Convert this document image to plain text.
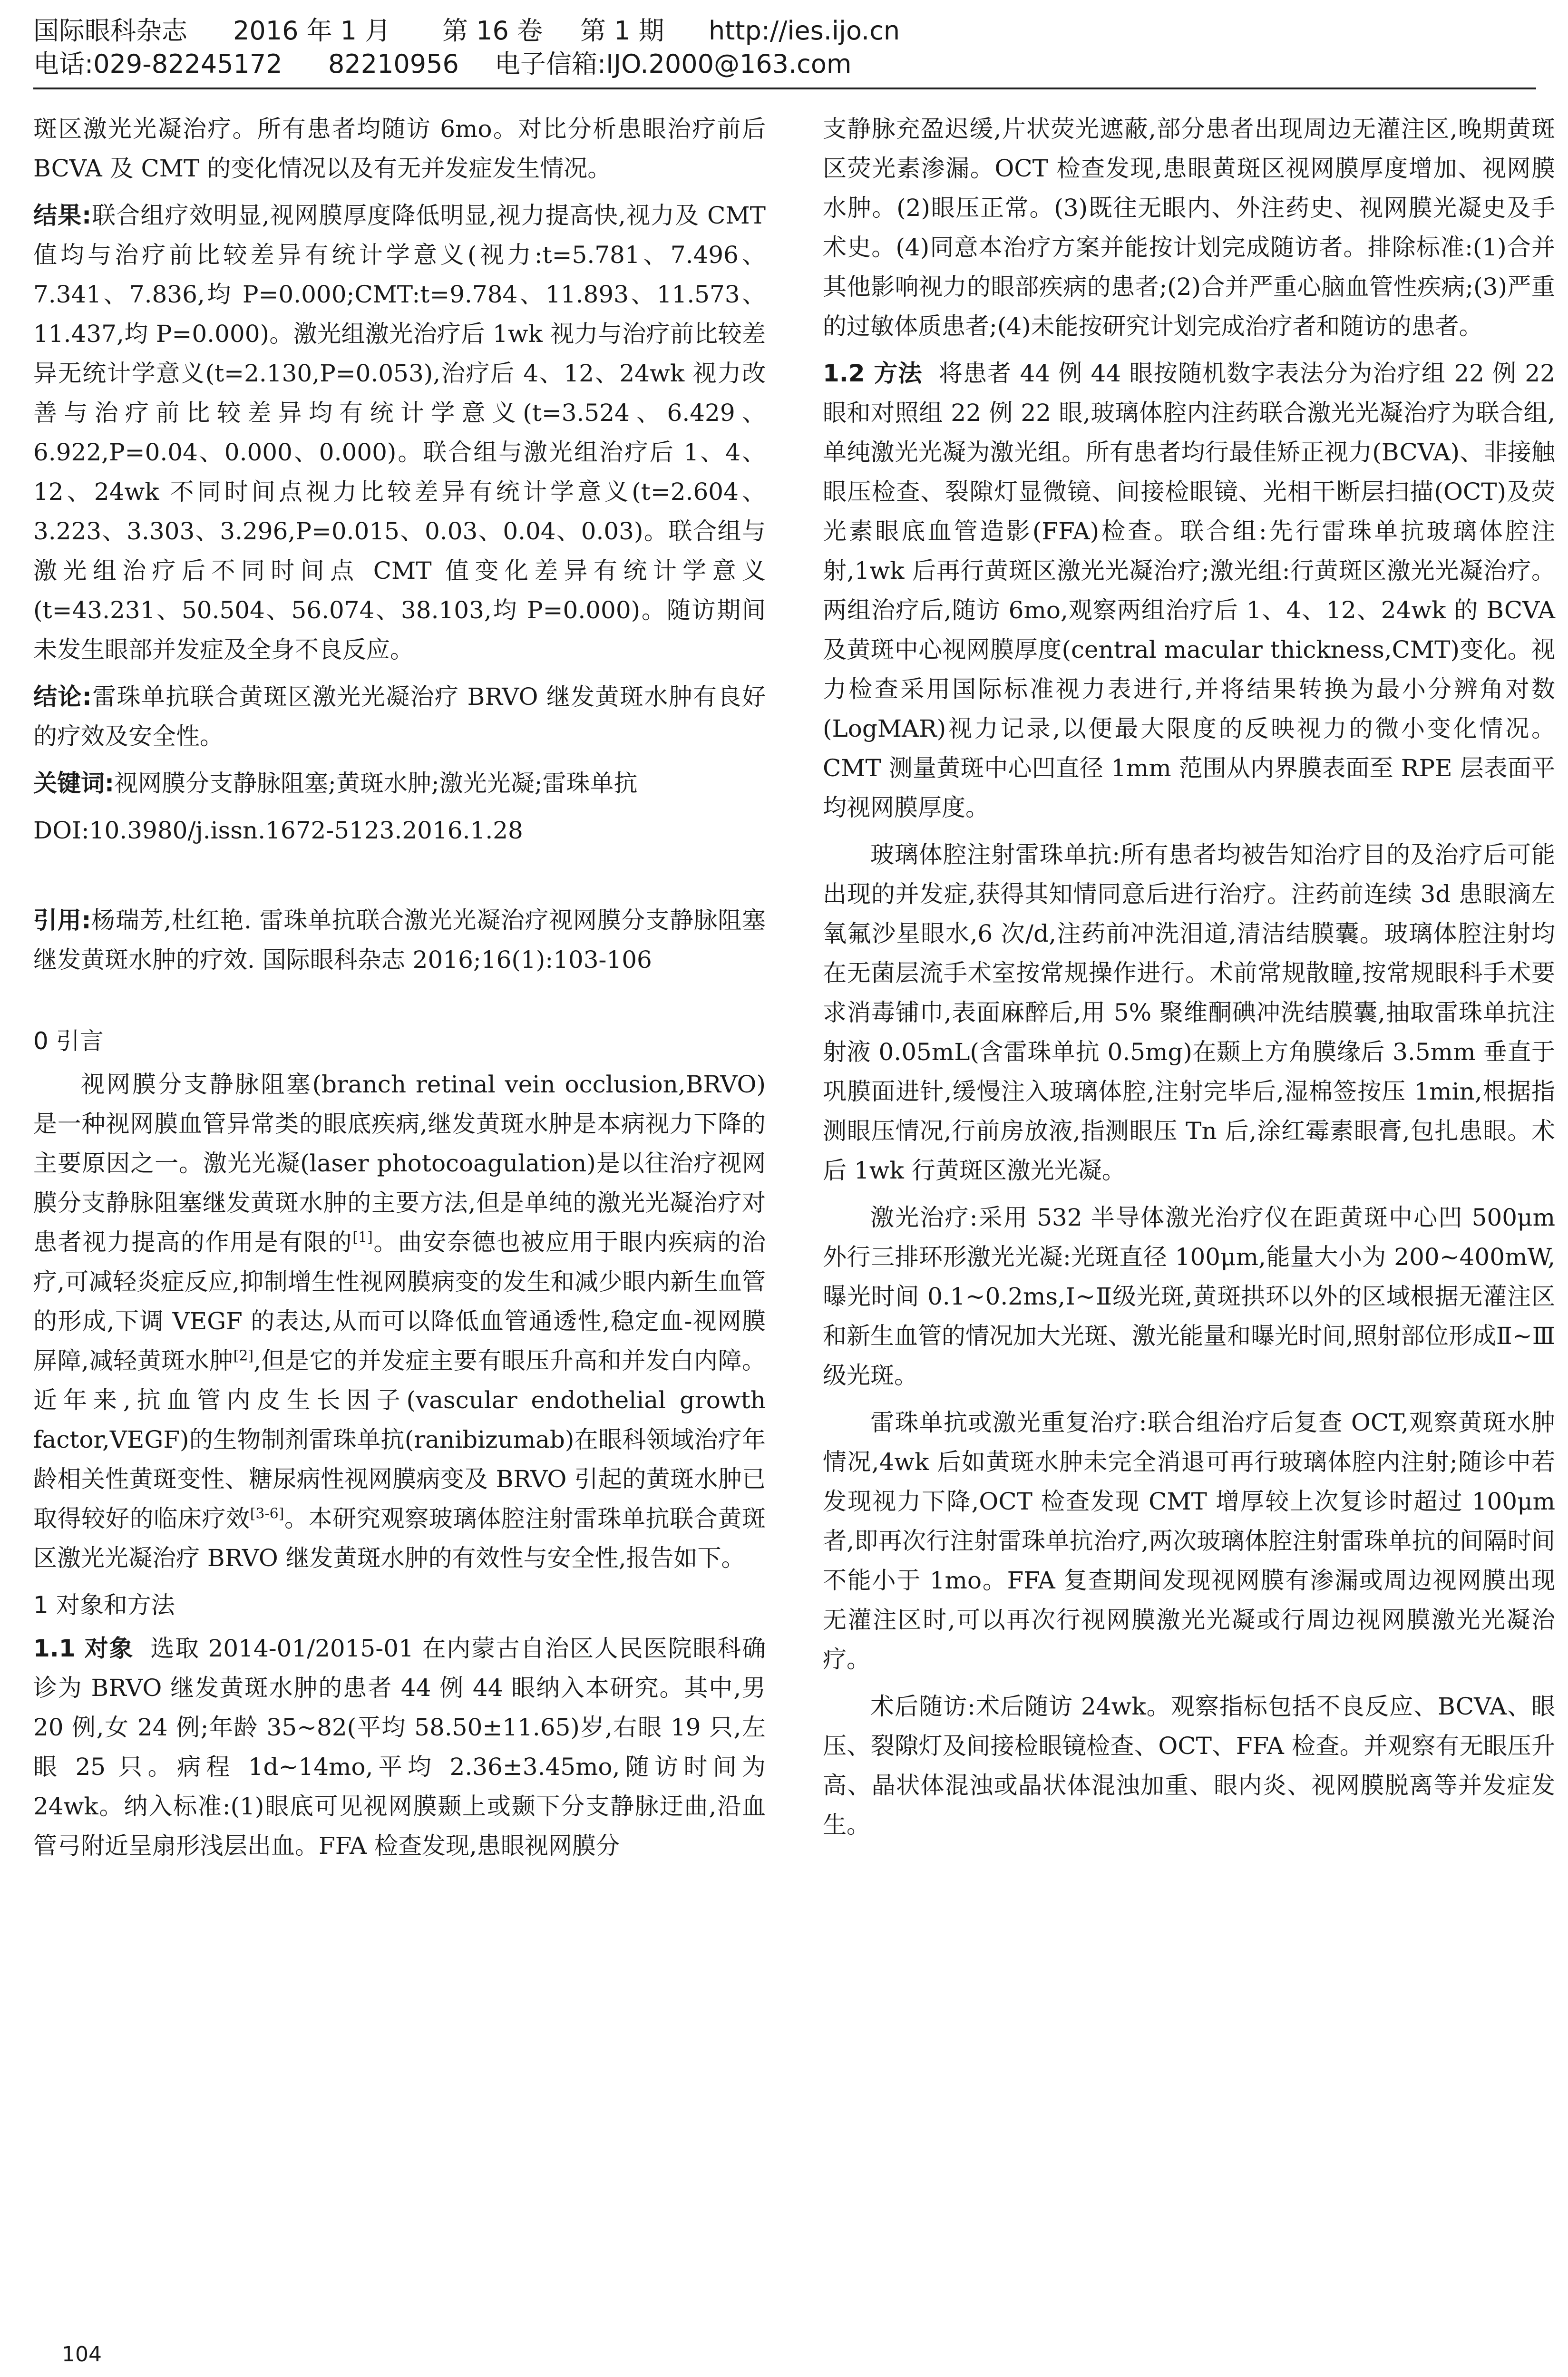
国际眼科杂志 2016 年 1 月 第 16 卷 第 1 期 http://ies.ijo.cn
电话:029-82245172 82210956 电子信箱:IJO.2000@163.com

斑区激光光凝治疗。所有患者均随访 6mo。对比分析患眼治疗前后 BCVA 及 CMT 的变化情况以及有无并发症发生情况。

结果:联合组疗效明显,视网膜厚度降低明显,视力提高快,视力及 CMT 值均与治疗前比较差异有统计学意义(视力:t=5.781、7.496、7.341、7.836,均 P=0.000;CMT:t=9.784、11.893、11.573、11.437,均 P=0.000)。激光组激光治疗后 1wk 视力与治疗前比较差异无统计学意义(t=2.130,P=0.053),治疗后 4、12、24wk 视力改善与治疗前比较差异均有统计学意义(t=3.524、6.429、6.922,P=0.04、0.000、0.000)。联合组与激光组治疗后 1、4、12、24wk 不同时间点视力比较差异有统计学意义(t=2.604、3.223、3.303、3.296,P=0.015、0.03、0.04、0.03)。联合组与激光组治疗后不同时间点 CMT 值变化差异有统计学意义(t=43.231、50.504、56.074、38.103,均 P=0.000)。随访期间未发生眼部并发症及全身不良反应。

结论:雷珠单抗联合黄斑区激光光凝治疗 BRVO 继发黄斑水肿有良好的疗效及安全性。

关键词:视网膜分支静脉阻塞;黄斑水肿;激光光凝;雷珠单抗

DOI:10.3980/j.issn.1672-5123.2016.1.28

引用:杨瑞芳,杜红艳. 雷珠单抗联合激光光凝治疗视网膜分支静脉阻塞继发黄斑水肿的疗效. 国际眼科杂志 2016;16(1):103-106

0 引言

视网膜分支静脉阻塞(branch retinal vein occlusion,BRVO)是一种视网膜血管异常类的眼底疾病,继发黄斑水肿是本病视力下降的主要原因之一。激光光凝(laser photocoagulation)是以往治疗视网膜分支静脉阻塞继发黄斑水肿的主要方法,但是单纯的激光光凝治疗对患者视力提高的作用是有限的[1]。曲安奈德也被应用于眼内疾病的治疗,可减轻炎症反应,抑制增生性视网膜病变的发生和减少眼内新生血管的形成,下调 VEGF 的表达,从而可以降低血管通透性,稳定血-视网膜屏障,减轻黄斑水肿[2],但是它的并发症主要有眼压升高和并发白内障。近年来,抗血管内皮生长因子(vascular endothelial growth factor,VEGF)的生物制剂雷珠单抗(ranibizumab)在眼科领域治疗年龄相关性黄斑变性、糖尿病性视网膜病变及 BRVO 引起的黄斑水肿已取得较好的临床疗效[3-6]。本研究观察玻璃体腔注射雷珠单抗联合黄斑区激光光凝治疗 BRVO 继发黄斑水肿的有效性与安全性,报告如下。

1 对象和方法

1.1 对象 选取 2014-01/2015-01 在内蒙古自治区人民医院眼科确诊为 BRVO 继发黄斑水肿的患者 44 例 44 眼纳入本研究。其中,男 20 例,女 24 例;年龄 35~82(平均 58.50±11.65)岁,右眼 19 只,左眼 25 只。病程 1d~14mo,平均 2.36±3.45mo,随访时间为 24wk。纳入标准:(1)眼底可见视网膜颞上或颞下分支静脉迂曲,沿血管弓附近呈扇形浅层出血。FFA 检查发现,患眼视网膜分

支静脉充盈迟缓,片状荧光遮蔽,部分患者出现周边无灌注区,晚期黄斑区荧光素渗漏。OCT 检查发现,患眼黄斑区视网膜厚度增加、视网膜水肿。(2)眼压正常。(3)既往无眼内、外注药史、视网膜光凝史及手术史。(4)同意本治疗方案并能按计划完成随访者。排除标准:(1)合并其他影响视力的眼部疾病的患者;(2)合并严重心脑血管性疾病;(3)严重的过敏体质患者;(4)未能按研究计划完成治疗者和随访的患者。

1.2 方法 将患者 44 例 44 眼按随机数字表法分为治疗组 22 例 22 眼和对照组 22 例 22 眼,玻璃体腔内注药联合激光光凝治疗为联合组,单纯激光光凝为激光组。所有患者均行最佳矫正视力(BCVA)、非接触眼压检查、裂隙灯显微镜、间接检眼镜、光相干断层扫描(OCT)及荧光素眼底血管造影(FFA)检查。联合组:先行雷珠单抗玻璃体腔注射,1wk 后再行黄斑区激光光凝治疗;激光组:行黄斑区激光光凝治疗。两组治疗后,随访 6mo,观察两组治疗后 1、4、12、24wk 的 BCVA 及黄斑中心视网膜厚度(central macular thickness,CMT)变化。视力检查采用国际标准视力表进行,并将结果转换为最小分辨角对数(LogMAR)视力记录,以便最大限度的反映视力的微小变化情况。CMT 测量黄斑中心凹直径 1mm 范围从内界膜表面至 RPE 层表面平均视网膜厚度。

玻璃体腔注射雷珠单抗:所有患者均被告知治疗目的及治疗后可能出现的并发症,获得其知情同意后进行治疗。注药前连续 3d 患眼滴左氧氟沙星眼水,6 次/d,注药前冲洗泪道,清洁结膜囊。玻璃体腔注射均在无菌层流手术室按常规操作进行。术前常规散瞳,按常规眼科手术要求消毒铺巾,表面麻醉后,用 5% 聚维酮碘冲洗结膜囊,抽取雷珠单抗注射液 0.05mL(含雷珠单抗 0.5mg)在颞上方角膜缘后 3.5mm 垂直于巩膜面进针,缓慢注入玻璃体腔,注射完毕后,湿棉签按压 1min,根据指测眼压情况,行前房放液,指测眼压 Tn 后,涂红霉素眼膏,包扎患眼。术后 1wk 行黄斑区激光光凝。

激光治疗:采用 532 半导体激光治疗仪在距黄斑中心凹 500μm 外行三排环形激光光凝:光斑直径 100μm,能量大小为 200~400mW,曝光时间 0.1~0.2ms,Ⅰ~Ⅱ级光斑,黄斑拱环以外的区域根据无灌注区和新生血管的情况加大光斑、激光能量和曝光时间,照射部位形成Ⅱ~Ⅲ级光斑。

雷珠单抗或激光重复治疗:联合组治疗后复查 OCT,观察黄斑水肿情况,4wk 后如黄斑水肿未完全消退可再行玻璃体腔内注射;随诊中若发现视力下降,OCT 检查发现 CMT 增厚较上次复诊时超过 100μm 者,即再次行注射雷珠单抗治疗,两次玻璃体腔注射雷珠单抗的间隔时间不能小于 1mo。FFA 复查期间发现视网膜有渗漏或周边视网膜出现无灌注区时,可以再次行视网膜激光光凝或行周边视网膜激光光凝治疗。

术后随访:术后随访 24wk。观察指标包括不良反应、BCVA、眼压、裂隙灯及间接检眼镜检查、OCT、FFA 检查。并观察有无眼压升高、晶状体混浊或晶状体混浊加重、眼内炎、视网膜脱离等并发症发生。

104
